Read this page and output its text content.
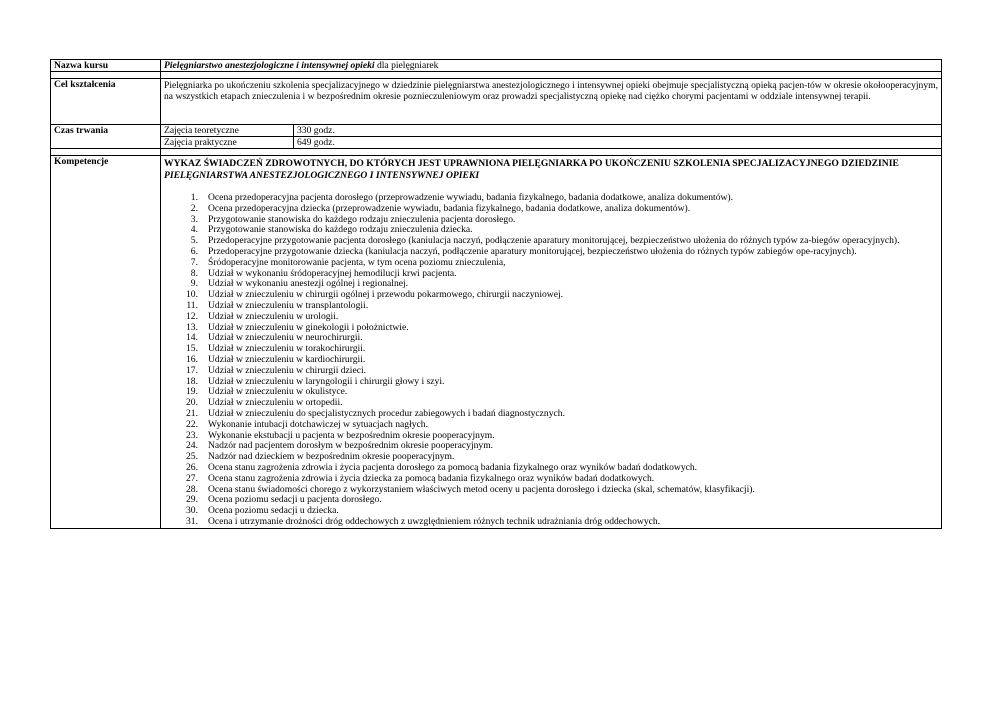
Nazwa kursu	Pielęgniarstwo anestezjologiczne i intensywnej opieki dla pielęgniarek

Cel kształcenia	Pielęgniarka po ukończeniu szkolenia specjalizacyjnego w dziedzinie pielęgniarstwa anestezjologicznego i intensywnej opieki obejmuje specjalistyczną opieką pacjen-tów w okresie okołooperacyjnym, na wszystkich etapach znieczulenia i w bezpośrednim okresie poznieczuleniowym oraz prowadzi specjalistyczną opiekę nad ciężko chorymi pacjentami w oddziale intensywnej terapii.
Czas trwania		Zajęcia teoretyczne	330 godz.
Zajęcia praktyczne	649 godz.

Kompetencje	WYKAZ ŚWIADCZEŃ ZDROWOTNYCH, DO KTÓRYCH JEST UPRAWNIONA PIELĘGNIARKA PO UKOŃCZENIU SZKOLENIA SPECJALIZACYJNEGO DZIEDZINIE PIELĘGNIARSTWA ANESTEZJOLOGICZNEGO I INTENSYWNEJ OPIEKI
1. Ocena przedoperacyjna pacjenta dorosłego (przeprowadzenie wywiadu, badania fizykalnego, badania dodatkowe, analiza dokumentów).
2. Ocena przedoperacyjna dziecka (przeprowadzenie wywiadu, badania fizykalnego, badania dodatkowe, analiza dokumentów).
3. Przygotowanie stanowiska do każdego rodzaju znieczulenia pacjenta dorosłego.
4. Przygotowanie stanowiska do każdego rodzaju znieczulenia dziecka.
5. Przedoperacyjne przygotowanie pacjenta dorosłego (kaniulacja naczyń, podłączenie aparatury monitorującej, bezpieczeństwo ułożenia do różnych typów za-biegów operacyjnych).
6. Przedoperacyjne przygotowanie dziecka (kaniulacja naczyń, podłączenie aparatury monitorującej, bezpieczeństwo ułożenia do różnych typów zabiegów ope-racyjnych).
7. Śródoperacyjne monitorowanie pacjenta, w tym ocena poziomu znieczulenia,
8. Udział w wykonaniu śródoperacyjnej hemodilucji krwi pacjenta.
9. Udział w wykonaniu anestezji ogólnej i regionalnej.
10. Udział w znieczuleniu w chirurgii ogólnej i przewodu pokarmowego, chirurgii naczyniowej.
11. Udział w znieczuleniu w transplantologii.
12. Udział w znieczuleniu w urologii.
13. Udział w znieczuleniu w ginekologii i położnictwie.
14. Udział w znieczuleniu w neurochirurgii.
15. Udział w znieczuleniu w torakochirurgii.
16. Udział w znieczuleniu w kardiochirurgii.
17. Udział w znieczuleniu w chirurgii dzieci.
18. Udział w znieczuleniu w laryngologii i chirurgii głowy i szyi.
19. Udział w znieczuleniu w okulistyce.
20. Udział w znieczuleniu w ortopedii.
21. Udział w znieczuleniu do specjalistycznych procedur zabiegowych i badań diagnostycznych.
22. Wykonanie intubacji dotchawiczej w sytuacjach nagłych.
23. Wykonanie ekstubacji u pacjenta w bezpośrednim okresie pooperacyjnym.
24. Nadzór nad pacjentem dorosłym w bezpośrednim okresie pooperacyjnym.
25. Nadzór nad dzieckiem w bezpośrednim okresie pooperacyjnym.
26. Ocena stanu zagrożenia zdrowia i życia pacjenta dorosłego za pomocą badania fizykalnego oraz wyników badań dodatkowych.
27. Ocena stanu zagrożenia zdrowia i życia dziecka za pomocą badania fizykalnego oraz wyników badań dodatkowych.
28. Ocena stanu świadomości chorego z wykorzystaniem właściwych metod oceny u pacjenta dorosłego i dziecka (skal, schematów, klasyfikacji).
29. Ocena poziomu sedacji u pacjenta dorosłego.
30. Ocena poziomu sedacji u dziecka.
31. Ocena i utrzymanie drożności dróg oddechowych z uwzględnieniem różnych technik udrażniania dróg oddechowych.
